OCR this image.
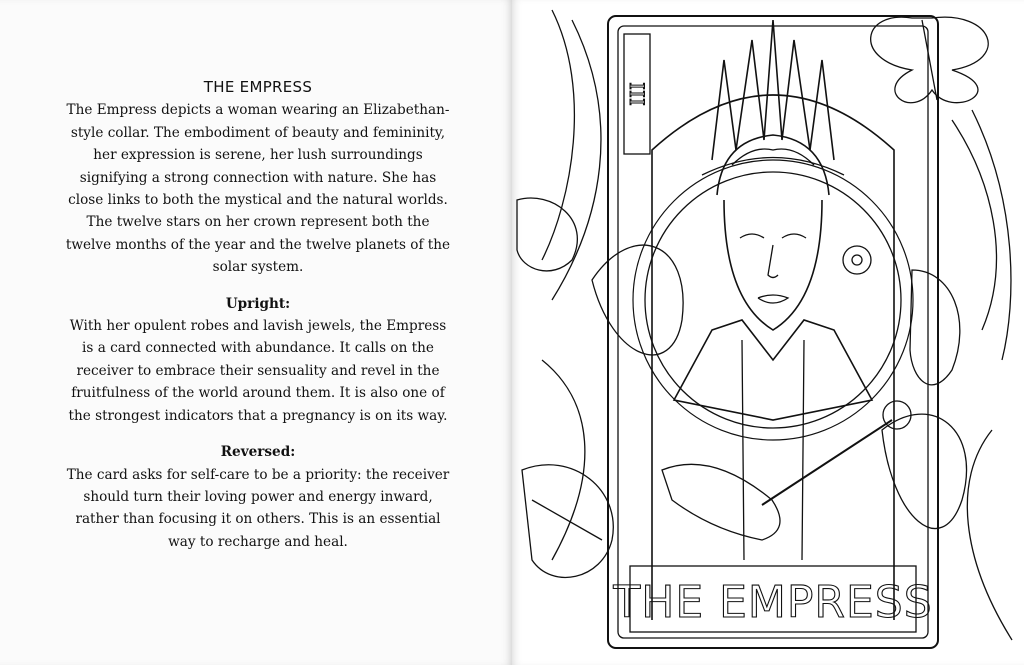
THE EMPRESS

The Empress depicts a woman wearing an Elizabethan-style collar. The embodiment of beauty and femininity, her expression is serene, her lush surroundings signifying a strong connection with nature. She has close links to both the mystical and the natural worlds. The twelve stars on her crown represent both the twelve months of the year and the twelve planets of the solar system.

Upright:

With her opulent robes and lavish jewels, the Empress is a card connected with abundance. It calls on the receiver to embrace their sensuality and revel in the fruitfulness of the world around them. It is also one of the strongest indicators that a pregnancy is on its way.

Reversed:

The card asks for self-care to be a priority: the receiver should turn their loving power and energy inward, rather than focusing it on others. This is an essential way to recharge and heal.

III
THE EMPRESS
